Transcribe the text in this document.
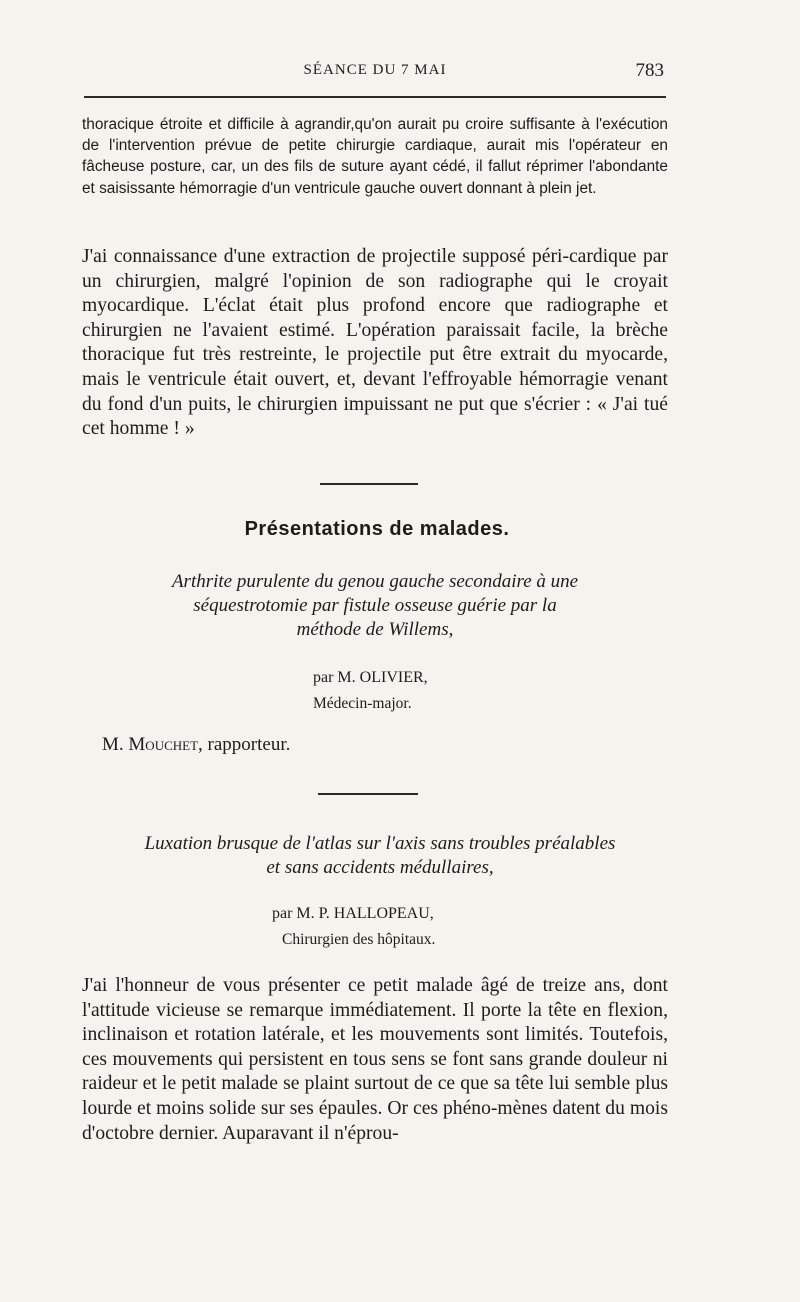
SÉANCE DU 7 MAI	783

thoracique étroite et difficile à agrandir,qu'on aurait pu croire suffisante à l'exécution de l'intervention prévue de petite chirurgie cardiaque, aurait mis l'opérateur en fâcheuse posture, car, un des fils de suture ayant cédé, il fallut réprimer l'abondante et saisissante hémorragie d'un ventricule gauche ouvert donnant à plein jet.

J'ai connaissance d'une extraction de projectile supposé péri-cardique par un chirurgien, malgré l'opinion de son radiographe qui le croyait myocardique. L'éclat était plus profond encore que radiographe et chirurgien ne l'avaient estimé. L'opération paraissait facile, la brèche thoracique fut très restreinte, le projectile put être extrait du myocarde, mais le ventricule était ouvert, et, devant l'effroyable hémorragie venant du fond d'un puits, le chirurgien impuissant ne put que s'écrier : « J'ai tué cet homme ! »

Présentations de malades.
Arthrite purulente du genou gauche secondaire à une
séquestrotomie par fistule osseuse guérie par la
méthode de Willems,
par M. OLIVIER,
Médecin-major.
M. Mouchet, rapporteur.
Luxation brusque de l'atlas sur l'axis sans troubles préalables
et sans accidents médullaires,
par M. P. HALLOPEAU,
Chirurgien des hôpitaux.

J'ai l'honneur de vous présenter ce petit malade âgé de treize ans, dont l'attitude vicieuse se remarque immédiatement. Il porte la tête en flexion, inclinaison et rotation latérale, et les mouvements sont limités. Toutefois, ces mouvements qui persistent en tous sens se font sans grande douleur ni raideur et le petit malade se plaint surtout de ce que sa tête lui semble plus lourde et moins solide sur ses épaules. Or ces phéno-mènes datent du mois d'octobre dernier. Auparavant il n'éprou-
